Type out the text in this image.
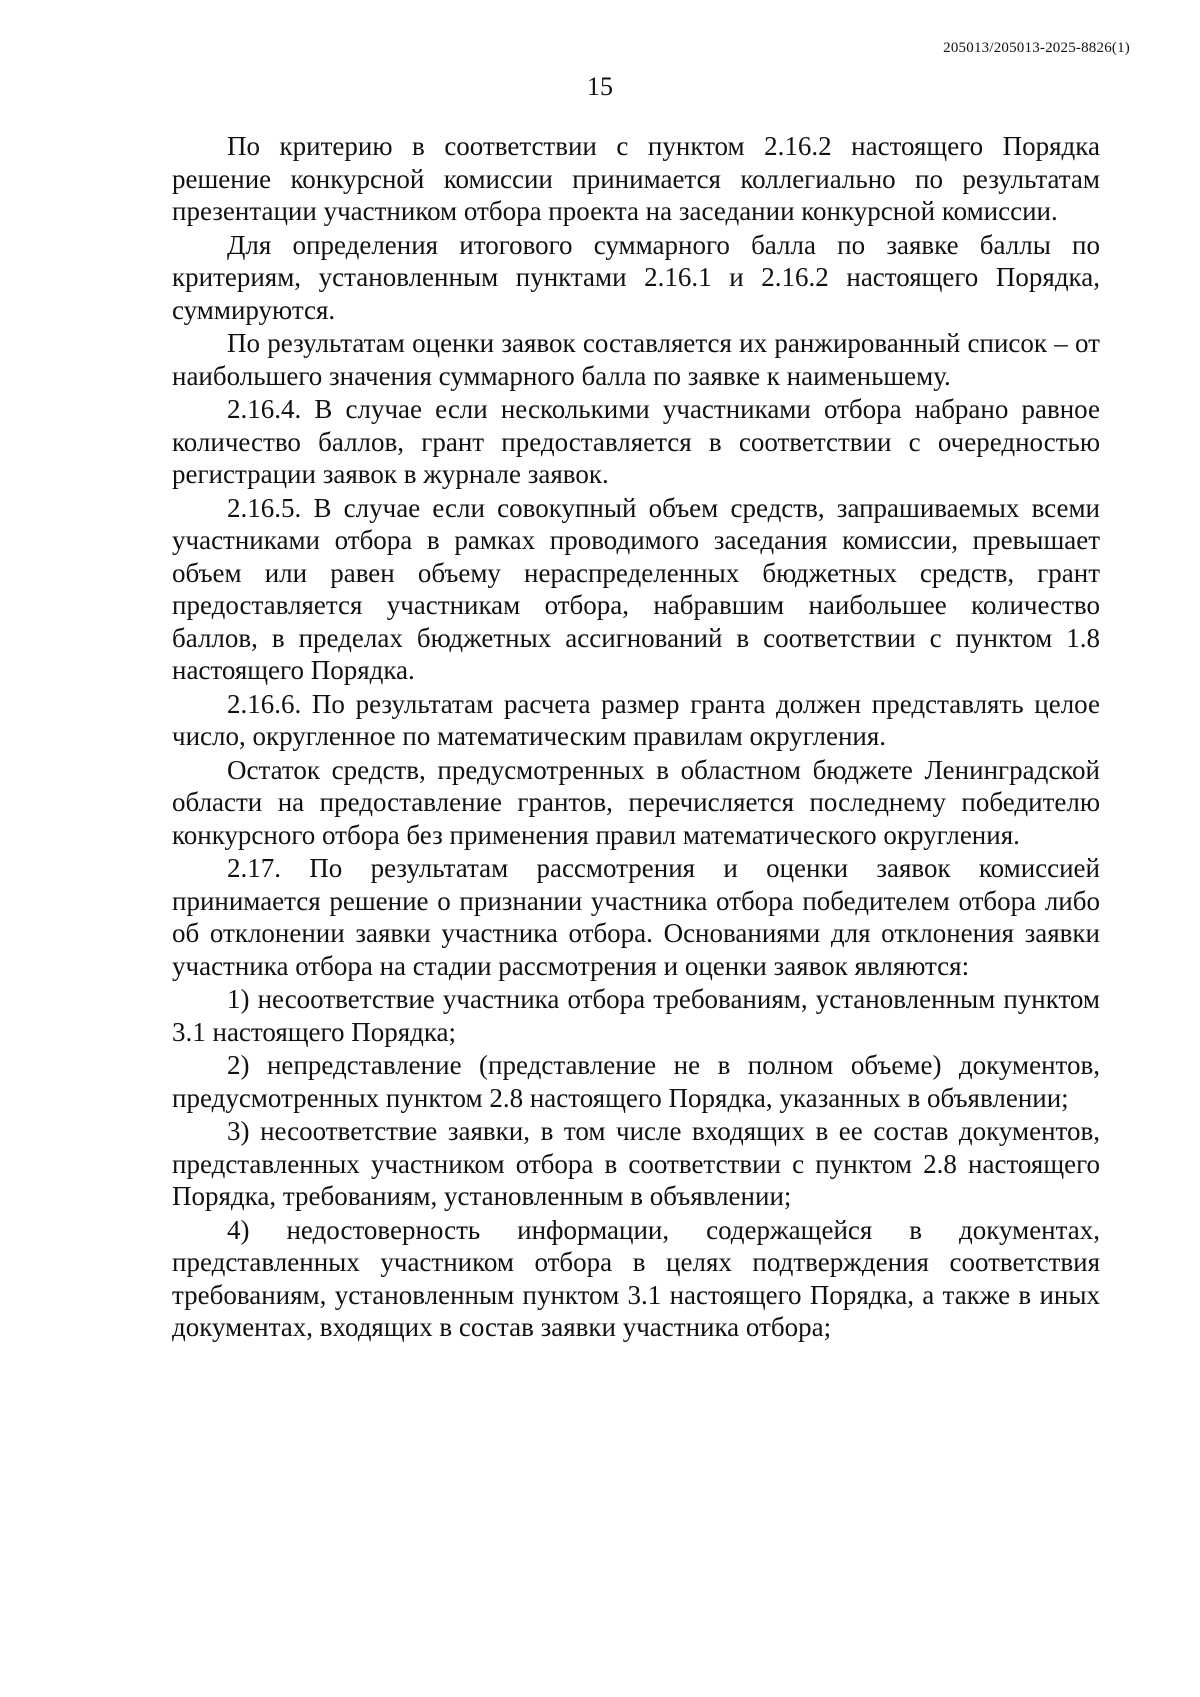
205013/205013-2025-8826(1)
15

По критерию в соответствии с пунктом 2.16.2 настоящего Порядка решение конкурсной комиссии принимается коллегиально по результатам презентации участником отбора проекта на заседании конкурсной комиссии.

Для определения итогового суммарного балла по заявке баллы по критериям, установленным пунктами 2.16.1 и 2.16.2 настоящего Порядка, суммируются.

По результатам оценки заявок составляется их ранжированный список – от наибольшего значения суммарного балла по заявке к наименьшему.

2.16.4. В случае если несколькими участниками отбора набрано равное количество баллов, грант предоставляется в соответствии с очередностью регистрации заявок в журнале заявок.

2.16.5. В случае если совокупный объем средств, запрашиваемых всеми участниками отбора в рамках проводимого заседания комиссии, превышает объем или равен объему нераспределенных бюджетных средств, грант предоставляется участникам отбора, набравшим наибольшее количество баллов, в пределах бюджетных ассигнований в соответствии с пунктом 1.8 настоящего Порядка.

2.16.6. По результатам расчета размер гранта должен представлять целое число, округленное по математическим правилам округления.

Остаток средств, предусмотренных в областном бюджете Ленинградской области на предоставление грантов, перечисляется последнему победителю конкурсного отбора без применения правил математического округления.

2.17. По результатам рассмотрения и оценки заявок комиссией принимается решение о признании участника отбора победителем отбора либо об отклонении заявки участника отбора. Основаниями для отклонения заявки участника отбора на стадии рассмотрения и оценки заявок являются:

1) несоответствие участника отбора требованиям, установленным пунктом 3.1 настоящего Порядка;

2) непредставление (представление не в полном объеме) документов, предусмотренных пунктом 2.8 настоящего Порядка, указанных в объявлении;

3) несоответствие заявки, в том числе входящих в ее состав документов, представленных участником отбора в соответствии с пунктом 2.8 настоящего Порядка, требованиям, установленным в объявлении;

4) недостоверность информации, содержащейся в документах, представленных участником отбора в целях подтверждения соответствия требованиям, установленным пунктом 3.1 настоящего Порядка, а также в иных документах, входящих в состав заявки участника отбора;
